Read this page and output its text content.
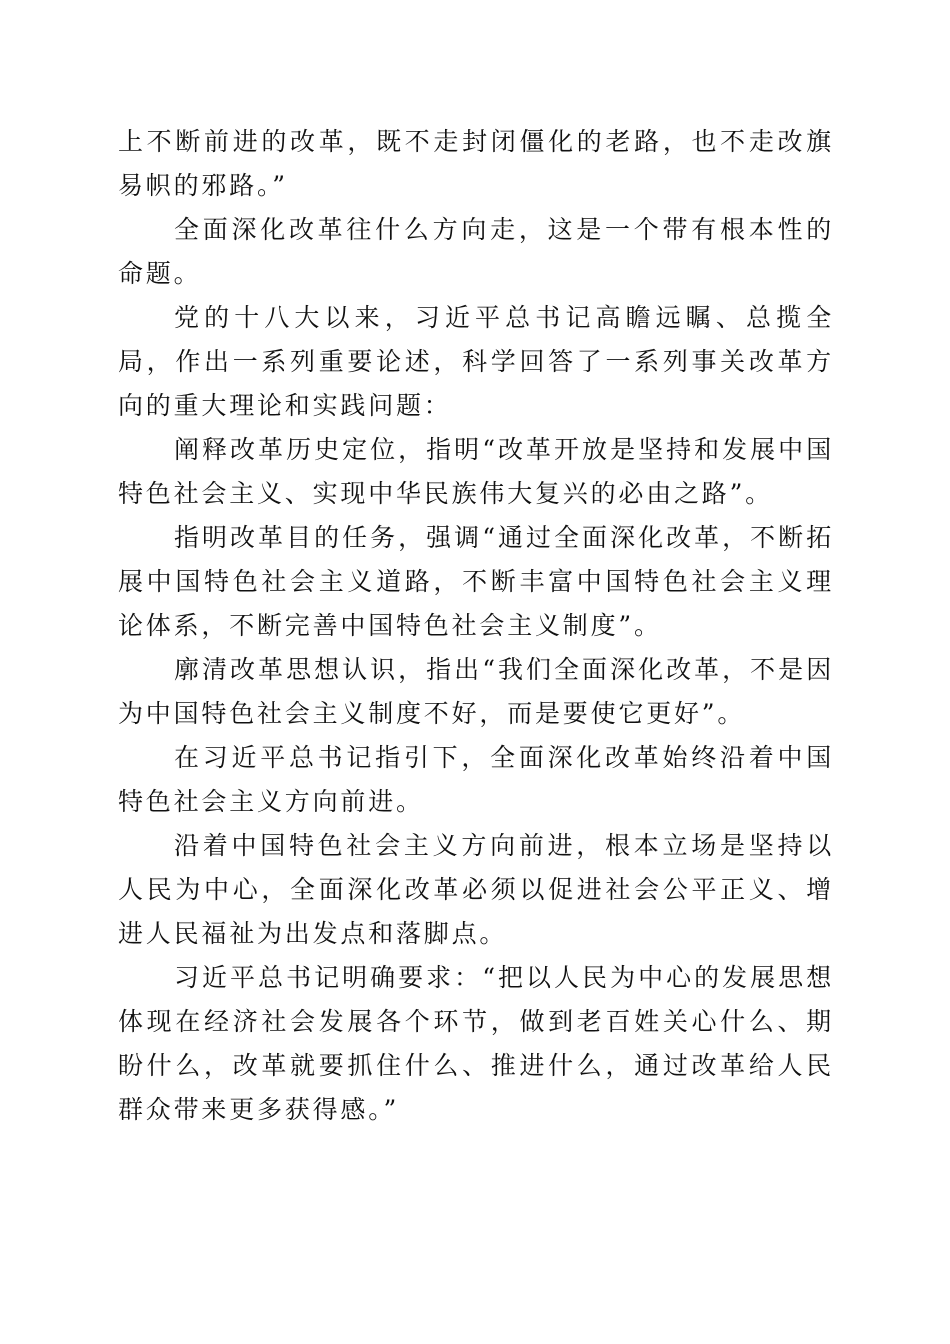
上不断前进的改革，既不走封闭僵化的老路，也不走改旗易帜的邪路。”

全面深化改革往什么方向走，这是一个带有根本性的命题。

党的十八大以来，习近平总书记高瞻远瞩、总揽全局，作出一系列重要论述，科学回答了一系列事关改革方向的重大理论和实践问题：

阐释改革历史定位，指明“改革开放是坚持和发展中国特色社会主义、实现中华民族伟大复兴的必由之路”。

指明改革目的任务，强调“通过全面深化改革，不断拓展中国特色社会主义道路，不断丰富中国特色社会主义理论体系，不断完善中国特色社会主义制度”。

廓清改革思想认识，指出“我们全面深化改革，不是因为中国特色社会主义制度不好，而是要使它更好”。

在习近平总书记指引下，全面深化改革始终沿着中国特色社会主义方向前进。

沿着中国特色社会主义方向前进，根本立场是坚持以人民为中心，全面深化改革必须以促进社会公平正义、增进人民福祉为出发点和落脚点。

习近平总书记明确要求：“把以人民为中心的发展思想体现在经济社会发展各个环节，做到老百姓关心什么、期盼什么，改革就要抓住什么、推进什么，通过改革给人民群众带来更多获得感。”
